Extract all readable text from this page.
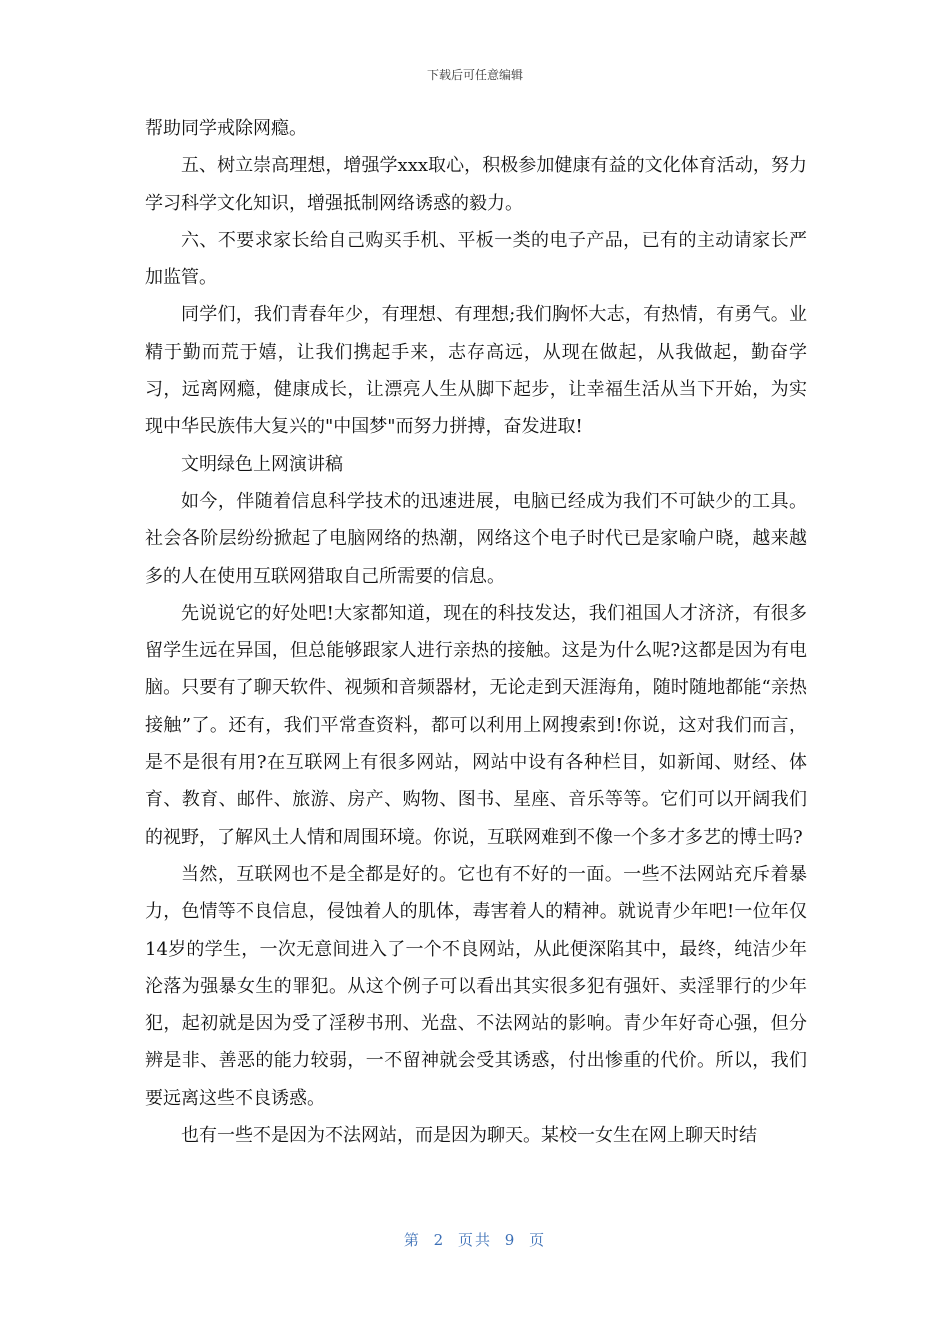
下载后可任意编辑

帮助同学戒除网瘾。

五、树立崇高理想，增强学xxx取心，积极参加健康有益的文化体育活动，努力学习科学文化知识，增强抵制网络诱惑的毅力。

六、不要求家长给自己购买手机、平板一类的电子产品，已有的主动请家长严加监管。

同学们，我们青春年少，有理想、有理想;我们胸怀大志，有热情，有勇气。业精于勤而荒于嬉，让我们携起手来，志存高远，从现在做起，从我做起，勤奋学习，远离网瘾，健康成长，让漂亮人生从脚下起步，让幸福生活从当下开始，为实现中华民族伟大复兴的"中国梦"而努力拼搏，奋发进取!

文明绿色上网演讲稿

如今，伴随着信息科学技术的迅速进展，电脑已经成为我们不可缺少的工具。社会各阶层纷纷掀起了电脑网络的热潮，网络这个电子时代已是家喻户晓，越来越多的人在使用互联网猎取自己所需要的信息。

先说说它的好处吧!大家都知道，现在的科技发达，我们祖国人才济济，有很多留学生远在异国，但总能够跟家人进行亲热的接触。这是为什么呢?这都是因为有电脑。只要有了聊天软件、视频和音频器材，无论走到天涯海角，随时随地都能“亲热接触”了。还有，我们平常查资料，都可以利用上网搜索到!你说，这对我们而言，是不是很有用?在互联网上有很多网站，网站中设有各种栏目，如新闻、财经、体育、教育、邮件、旅游、房产、购物、图书、星座、音乐等等。它们可以开阔我们的视野，了解风土人情和周围环境。你说，互联网难到不像一个多才多艺的博士吗?

当然，互联网也不是全都是好的。它也有不好的一面。一些不法网站充斥着暴力，色情等不良信息，侵蚀着人的肌体，毒害着人的精神。就说青少年吧!一位年仅14岁的学生，一次无意间进入了一个不良网站，从此便深陷其中，最终，纯洁少年沦落为强暴女生的罪犯。从这个例子可以看出其实很多犯有强奸、卖淫罪行的少年犯，起初就是因为受了淫秽书刑、光盘、不法网站的影响。青少年好奇心强，但分辨是非、善恶的能力较弱，一不留神就会受其诱惑，付出惨重的代价。所以，我们要远离这些不良诱惑。

也有一些不是因为不法网站，而是因为聊天。某校一女生在网上聊天时结

第 2 页共 9 页
